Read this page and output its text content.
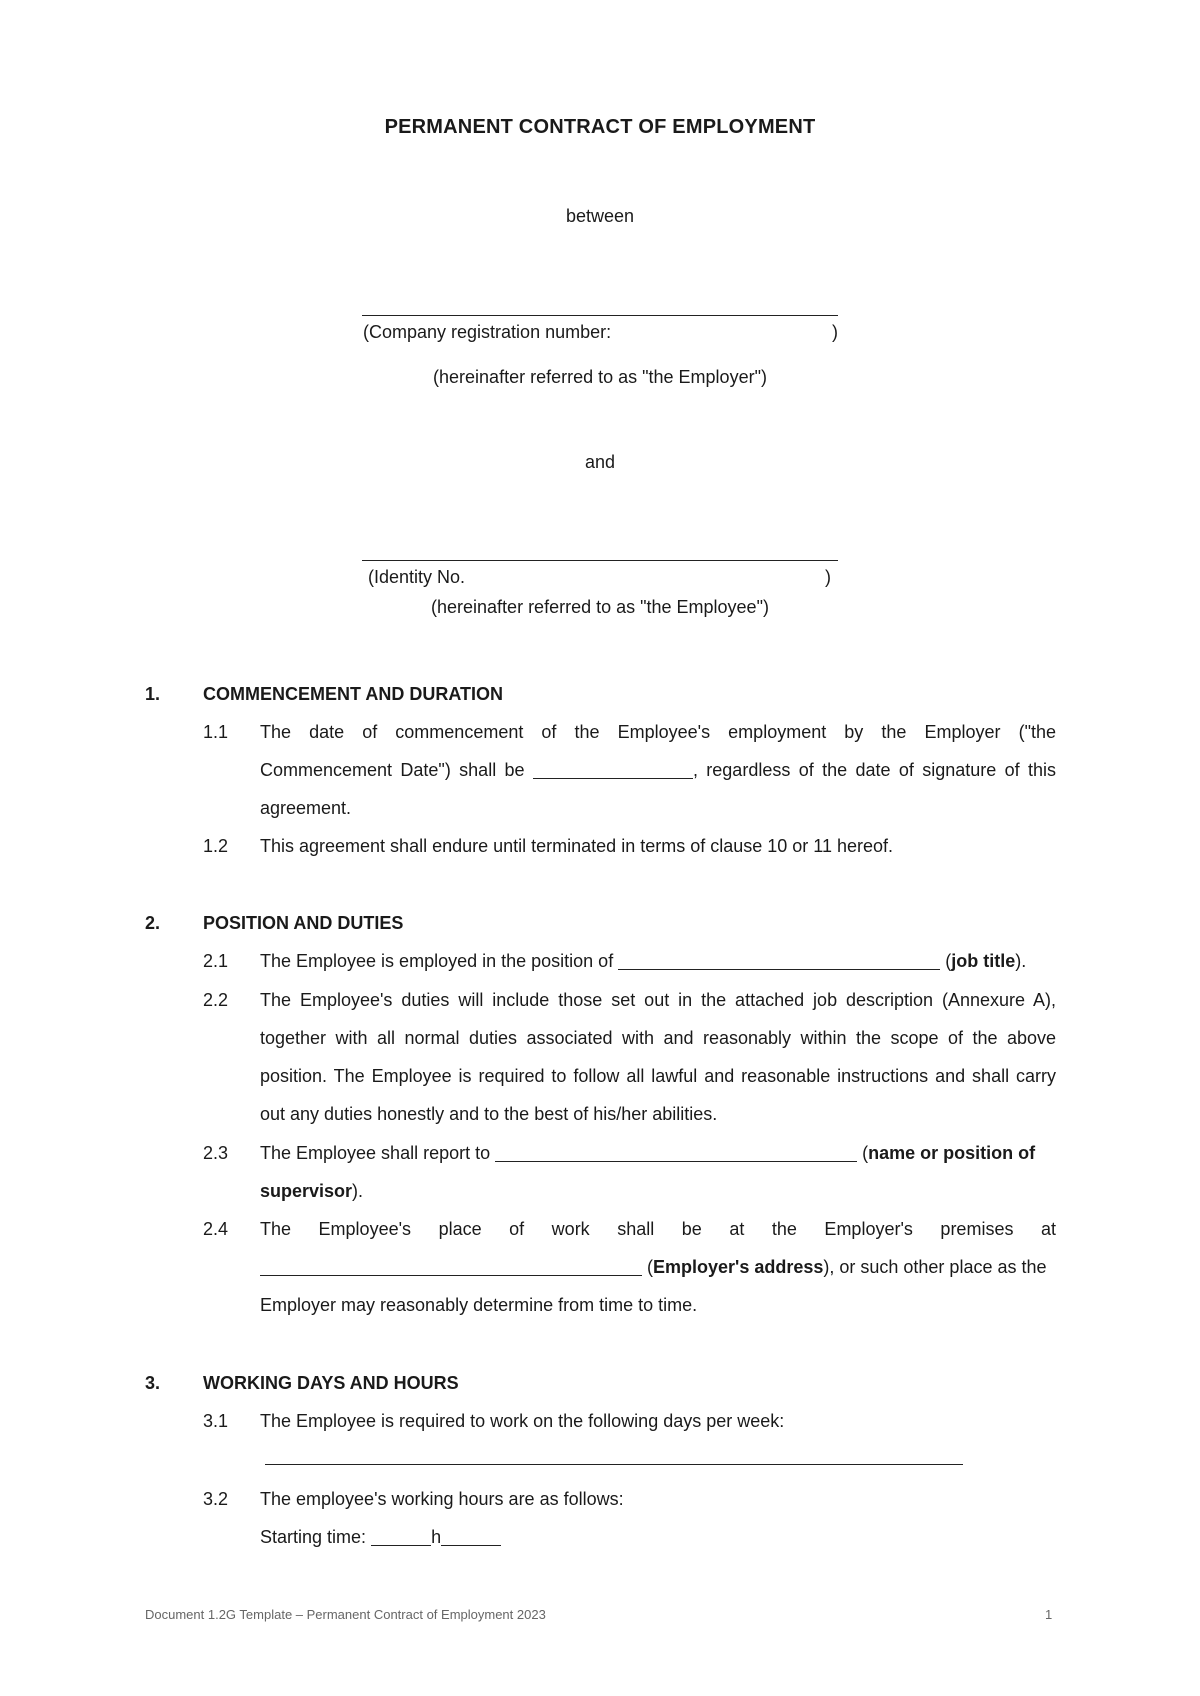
PERMANENT CONTRACT OF EMPLOYMENT
between
(Company registration number:	)
(hereinafter referred to as "the Employer")
and
(Identity No.	)
(hereinafter referred to as "the Employee")
1. COMMENCEMENT AND DURATION
1.1 The date of commencement of the Employee's employment by the Employer ("the
Commencement Date") shall be	, regardless of the date of signature of this
agreement.
1.2 This agreement shall endure until terminated in terms of clause 10 or 11 hereof.
2. POSITION AND DUTIES
2.1 The Employee is employed in the position of	(job title).
2.2 The Employee's duties will include those set out in the attached job description (Annexure A),
together with all normal duties associated with and reasonably within the scope of the above
position. The Employee is required to follow all lawful and reasonable instructions and shall carry
out any duties honestly and to the best of his/her abilities.
2.3 The Employee shall report to	(name or position of
supervisor).
2.4 The Employee's place of work shall be at the Employer's premises at
(Employer's address), or such other place as the
Employer may reasonably determine from time to time.
3. WORKING DAYS AND HOURS
3.1 The Employee is required to work on the following days per week:
3.2 The employee's working hours are as follows:
Starting time:	h
Document 1.2G Template – Permanent Contract of Employment 2023	1
